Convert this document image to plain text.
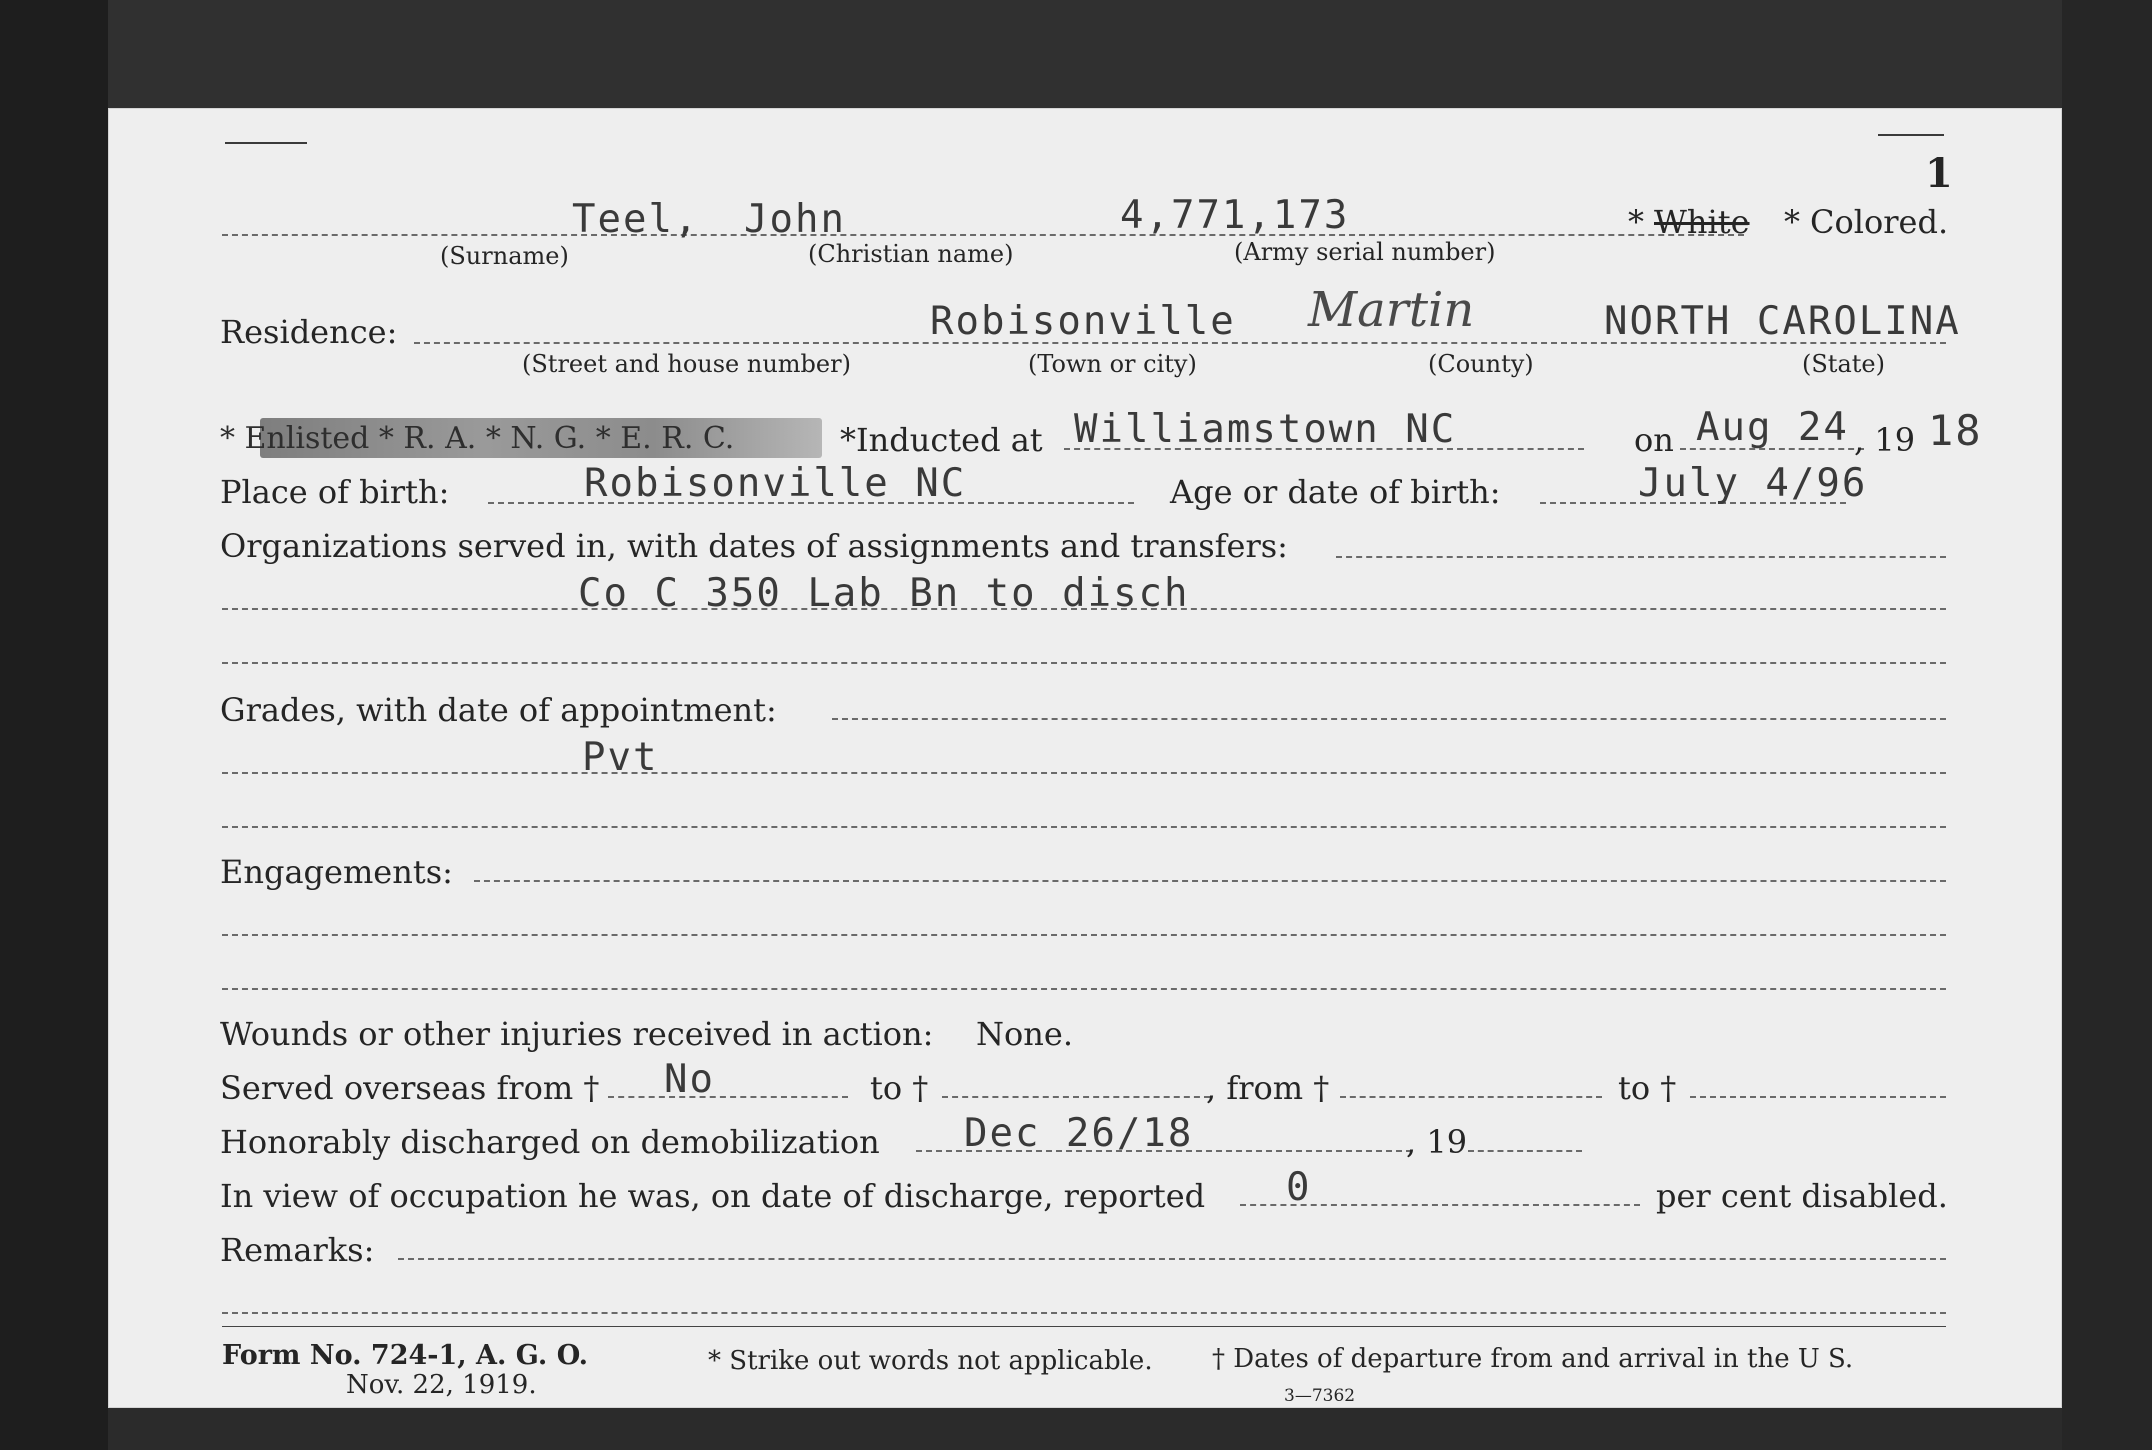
1
Teel, John	4,771,173	* White * Colored.
(Surname)	(Christian name)	(Army serial number)
Residence:	Robisonville Martin	NORTH CAROLINA
(Street and house number)	(Town or city)	(County)	(State)
* Enlisted * R. A. * N. G. * E. R. C.	*Inducted at Williamstown NC	on Aug 24 , 19 18
Place of birth:	Robisonville NC	Age or date of birth:	July 4/96
Organizations served in, with dates of assignments and transfers:
Co C 350 Lab Bn to disch
Grades, with date of appointment:
Pvt
Engagements:
Wounds or other injuries received in action: None.
Served overseas from † No	to †	, from †	to †
Honorably discharged on demobilization Dec 26/18	, 19
In view of occupation he was, on date of discharge, reported 0	per cent disabled.
Remarks:
Form No. 724-1, A. G. O.
Nov. 22, 1919.
* Strike out words not applicable. † Dates of departure from and arrival in the U S.
3—7362
